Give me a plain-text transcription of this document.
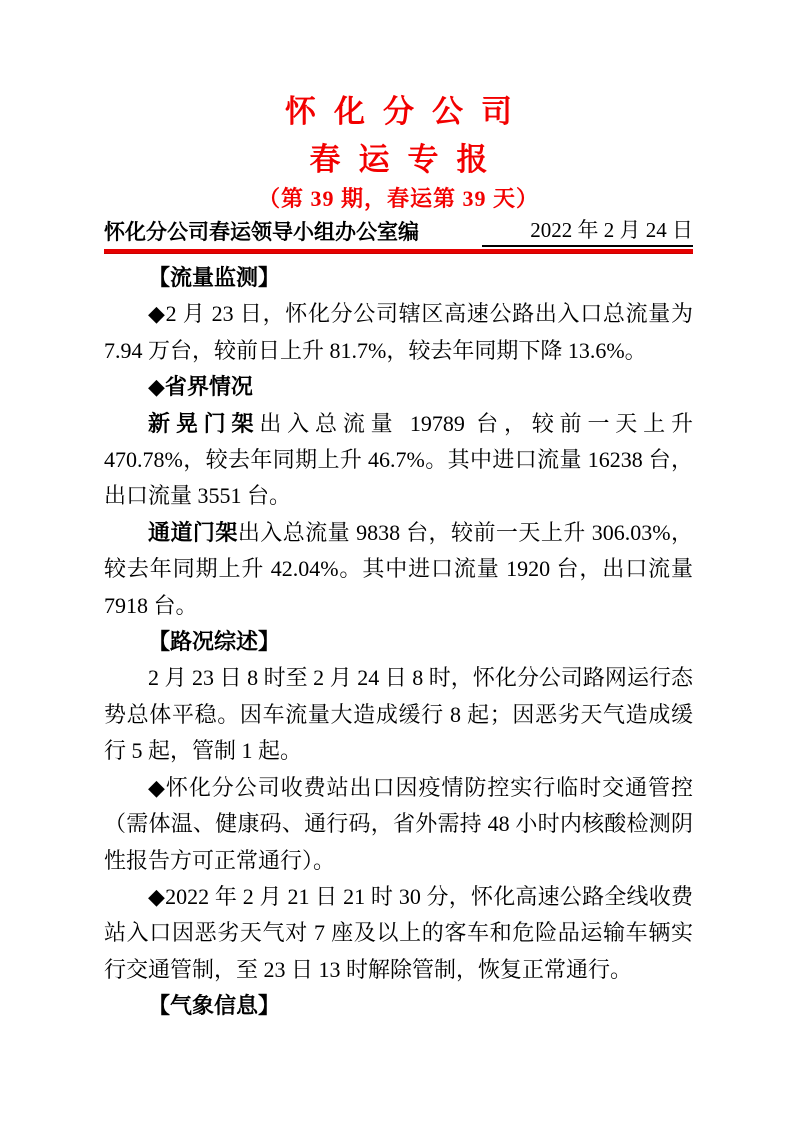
怀化分公司
春运专报
（第 39 期，春运第 39 天）
怀化分公司春运领导小组办公室编	2022 年 2 月 24 日
【流量监测】

◆2 月 23 日，怀化分公司辖区高速公路出入口总流量为 7.94 万台，较前日上升 81.7%，较去年同期下降 13.6%。

◆省界情况

新晃门架出入总流量 19789 台，较前一天上升 470.78%，较去年同期上升 46.7%。其中进口流量 16238 台，出口流量 3551 台。

通道门架出入总流量 9838 台，较前一天上升 306.03%，较去年同期上升 42.04%。其中进口流量 1920 台，出口流量 7918 台。

【路况综述】

2 月 23 日 8 时至 2 月 24 日 8 时，怀化分公司路网运行态势总体平稳。因车流量大造成缓行 8 起；因恶劣天气造成缓行 5 起，管制 1 起。

◆怀化分公司收费站出口因疫情防控实行临时交通管控（需体温、健康码、通行码，省外需持 48 小时内核酸检测阴性报告方可正常通行）。

◆2022 年 2 月 21 日 21 时 30 分，怀化高速公路全线收费站入口因恶劣天气对 7 座及以上的客车和危险品运输车辆实行交通管制，至 23 日 13 时解除管制，恢复正常通行。

【气象信息】
